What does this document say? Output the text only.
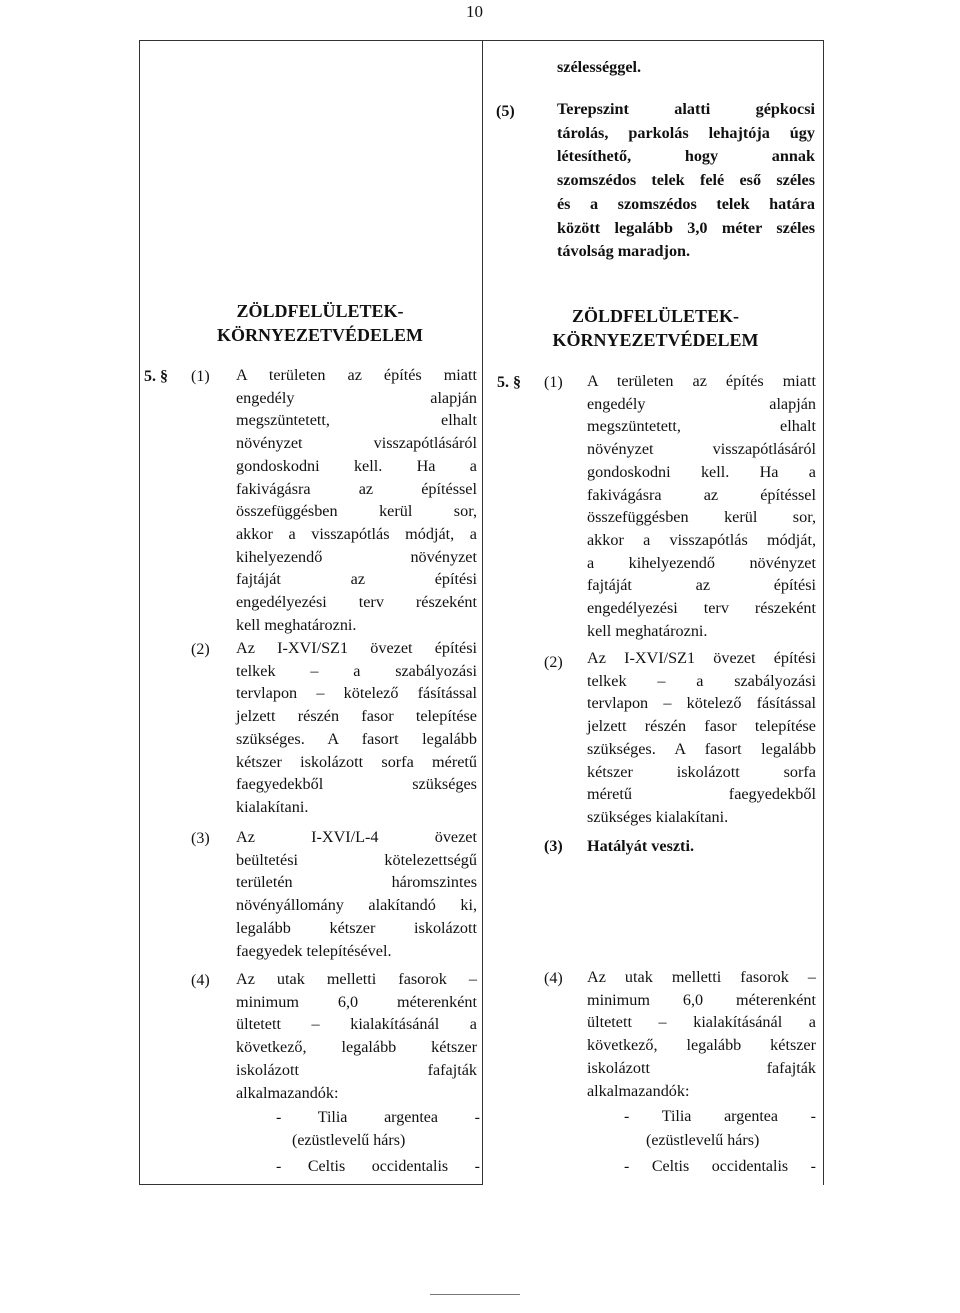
10
szélességgel.
(5)	Terepszint alatti gépkocsi
tárolás, parkolás lehajtója úgy
létesíthető, hogy annak
szomszédos telek felé eső széles
és a szomszédos telek határa
között legalább 3,0 méter széles
távolság maradjon.
ZÖLDFELÜLETEK-
KÖRNYEZETVÉDELEM
5. § (1) A területen az építés miatt
engedély alapján
megszüntetett, elhalt
növényzet visszapótlásáról
gondoskodni kell. Ha a
fakivágásra az építéssel
összefüggésben kerül sor,
akkor a visszapótlás módját, a
kihelyezendő növényzet
fajtáját az építési
engedélyezési terv részeként
kell meghatározni.
(2) Az I-XVI/SZ1 övezet építési
telkek – a szabályozási
tervlapon – kötelező fásítással
jelzett részén fasor telepítése
szükséges. A fasort legalább
kétszer iskolázott sorfa méretű
faegyedekből szükséges
kialakítani.
(3) Az I-XVI/L-4 övezet
beültetési kötelezettségű
területén háromszintes
növényállomány alakítandó ki,
legalább kétszer iskolázott
faegyedek telepítésével.
(4) Az utak melletti fasorok –
minimum 6,0 méterenként
ültetett – kialakításánál a
következő, legalább kétszer
iskolázott fafajták
alkalmazandók:
- Tilia argentea -
(ezüstlevelű hárs)
- Celtis occidentalis -
ZÖLDFELÜLETEK-
KÖRNYEZETVÉDELEM
5. § (1) A területen az építés miatt
engedély alapján
megszüntetett, elhalt
növényzet visszapótlásáról
gondoskodni kell. Ha a
fakivágásra az építéssel
összefüggésben kerül sor,
akkor a visszapótlás módját,
a kihelyezendő növényzet
fajtáját az építési
engedélyezési terv részeként
kell meghatározni.
(2) Az I-XVI/SZ1 övezet építési
telkek – a szabályozási
tervlapon – kötelező fásítással
jelzett részén fasor telepítése
szükséges. A fasort legalább
kétszer iskolázott sorfa
méretű faegyedekből
szükséges kialakítani.
(3) Hatályát veszti.
(4) Az utak melletti fasorok –
minimum 6,0 méterenként
ültetett – kialakításánál a
következő, legalább kétszer
iskolázott fafajták
alkalmazandók:
- Tilia argentea -
(ezüstlevelű hárs)
- Celtis occidentalis -
